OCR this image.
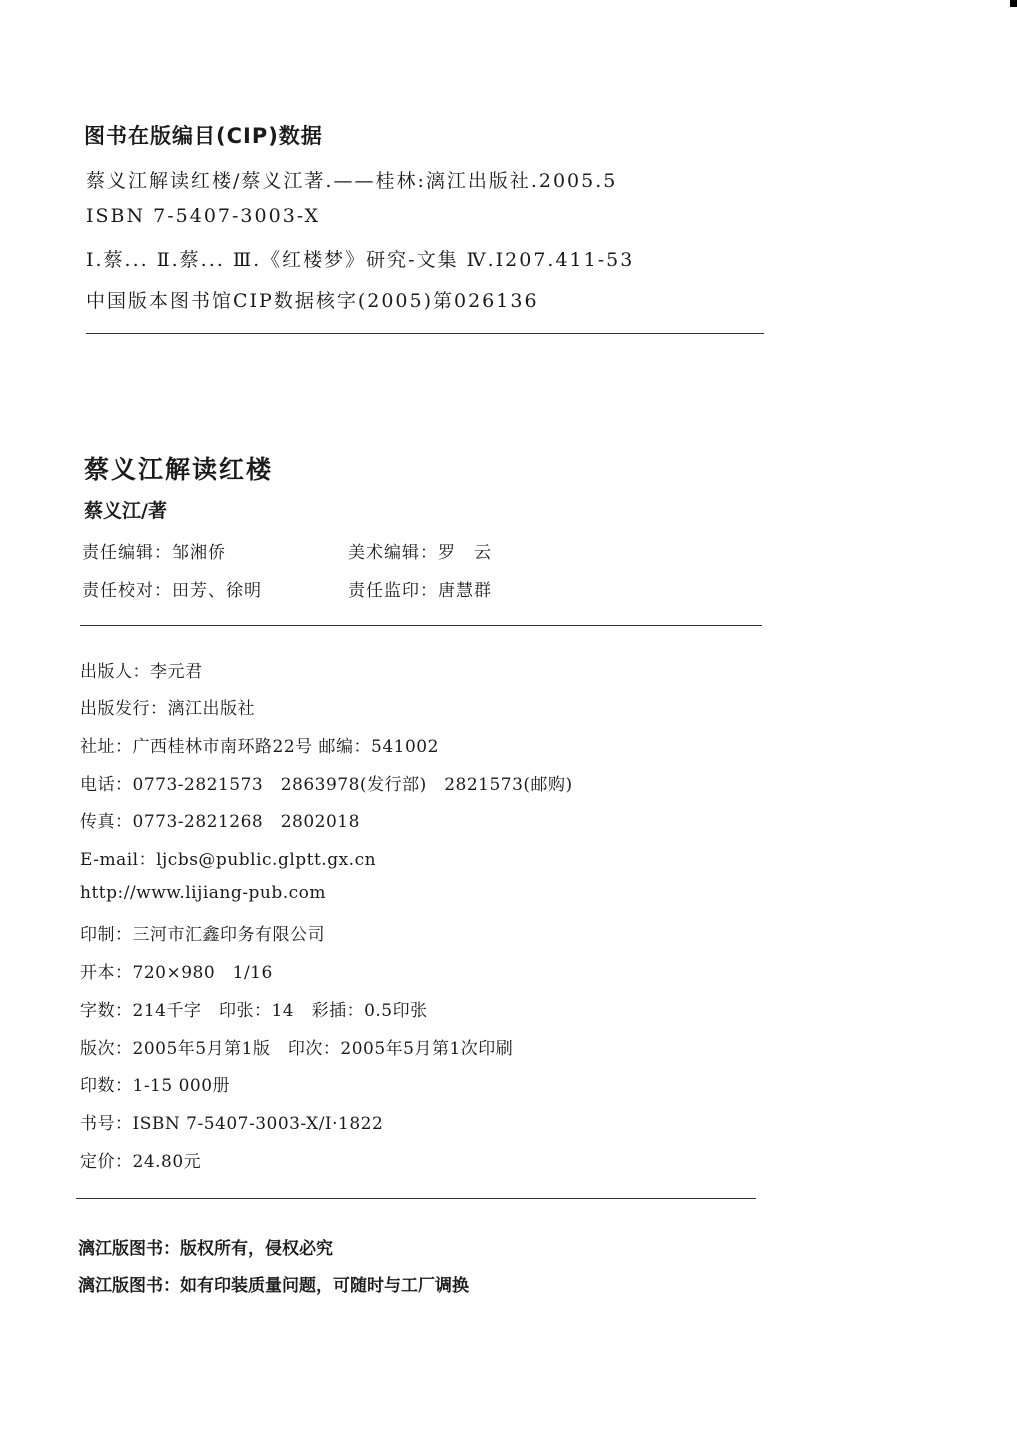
图书在版编目(CIP)数据
蔡义江解读红楼/蔡义江著.——桂林:漓江出版社.2005.5
ISBN 7-5407-3003-X
Ⅰ.蔡... Ⅱ.蔡... Ⅲ.《红楼梦》研究-文集 Ⅳ.I207.411-53
中国版本图书馆CIP数据核字(2005)第026136
蔡义江解读红楼
蔡义江/著
责任编辑：邹湘侨	美术编辑：罗　云
责任校对：田芳、徐明	责任监印：唐慧群
出版人：李元君
出版发行：漓江出版社
社址：广西桂林市南环路22号 邮编：541002
电话：0773-2821573　2863978(发行部)　2821573(邮购)
传真：0773-2821268　2802018
E-mail：ljcbs@public.glptt.gx.cn
http://www.lijiang-pub.com
印制：三河市汇鑫印务有限公司
开本：720×980　1/16
字数：214千字　印张：14　彩插：0.5印张
版次：2005年5月第1版　印次：2005年5月第1次印刷
印数：1-15 000册
书号：ISBN 7-5407-3003-X/I·1822
定价：24.80元
漓江版图书：版权所有，侵权必究
漓江版图书：如有印装质量问题，可随时与工厂调换
